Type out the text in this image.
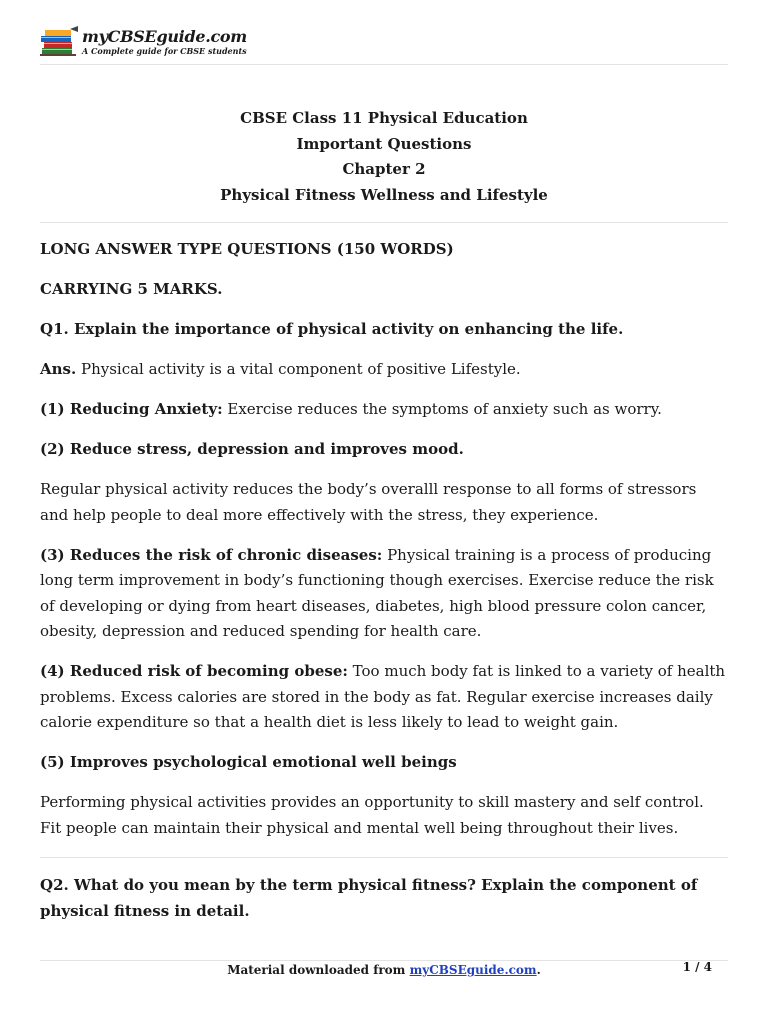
myCBSEguide.com
A Complete guide for CBSE students
CBSE Class 11 Physical Education
Important Questions
Chapter 2
Physical Fitness Wellness and Lifestyle

LONG ANSWER TYPE QUESTIONS (150 WORDS)

CARRYING 5 MARKS.

Q1. Explain the importance of physical activity on enhancing the life.

Ans. Physical activity is a vital component of positive Lifestyle.

(1) Reducing Anxiety: Exercise reduces the symptoms of anxiety such as worry.

(2) Reduce stress, depression and improves mood.

Regular physical activity reduces the body’s overalll response to all forms of stressors and help people to deal more effectively with the stress, they experience.

(3) Reduces the risk of chronic diseases: Physical training is a process of producing long term improvement in body’s functioning though exercises. Exercise reduce the risk of developing or dying from heart diseases, diabetes, high blood pressure colon cancer, obesity, depression and reduced spending for health care.

(4) Reduced risk of becoming obese: Too much body fat is linked to a variety of health problems. Excess calories are stored in the body as fat. Regular exercise increases daily calorie expenditure so that a health diet is less likely to lead to weight gain.

(5) Improves psychological emotional well beings

Performing physical activities provides an opportunity to skill mastery and self control. Fit people can maintain their physical and mental well being throughout their lives.

Q2. What do you mean by the term physical fitness? Explain the component of physical fitness in detail.

Material downloaded from myCBSEguide.com.	1 / 4
